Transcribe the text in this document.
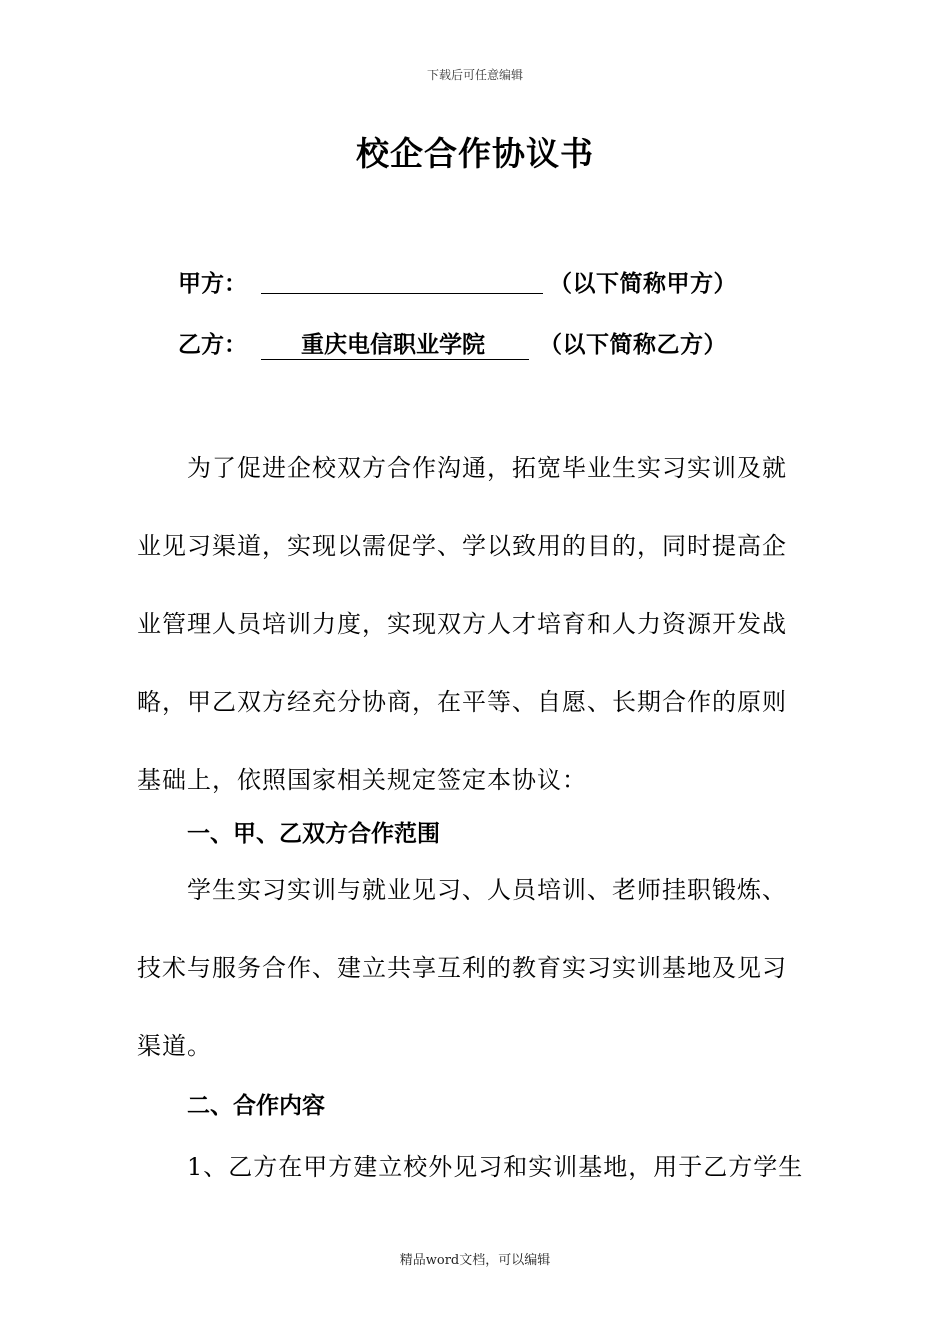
下载后可任意编辑
校企合作协议书
甲方：	（以下简称甲方）
乙方：	重庆电信职业学院	（以下简称乙方）
为了促进企校双方合作沟通，拓宽毕业生实习实训及就
业见习渠道，实现以需促学、学以致用的目的，同时提高企
业管理人员培训力度，实现双方人才培育和人力资源开发战
略，甲乙双方经充分协商，在平等、自愿、长期合作的原则
基础上，依照国家相关规定签定本协议：
一、甲、乙双方合作范围
学生实习实训与就业见习、人员培训、老师挂职锻炼、
技术与服务合作、建立共享互利的教育实习实训基地及见习
渠道。
二、合作内容
1、乙方在甲方建立校外见习和实训基地，用于乙方学生
精品word文档，可以编辑
